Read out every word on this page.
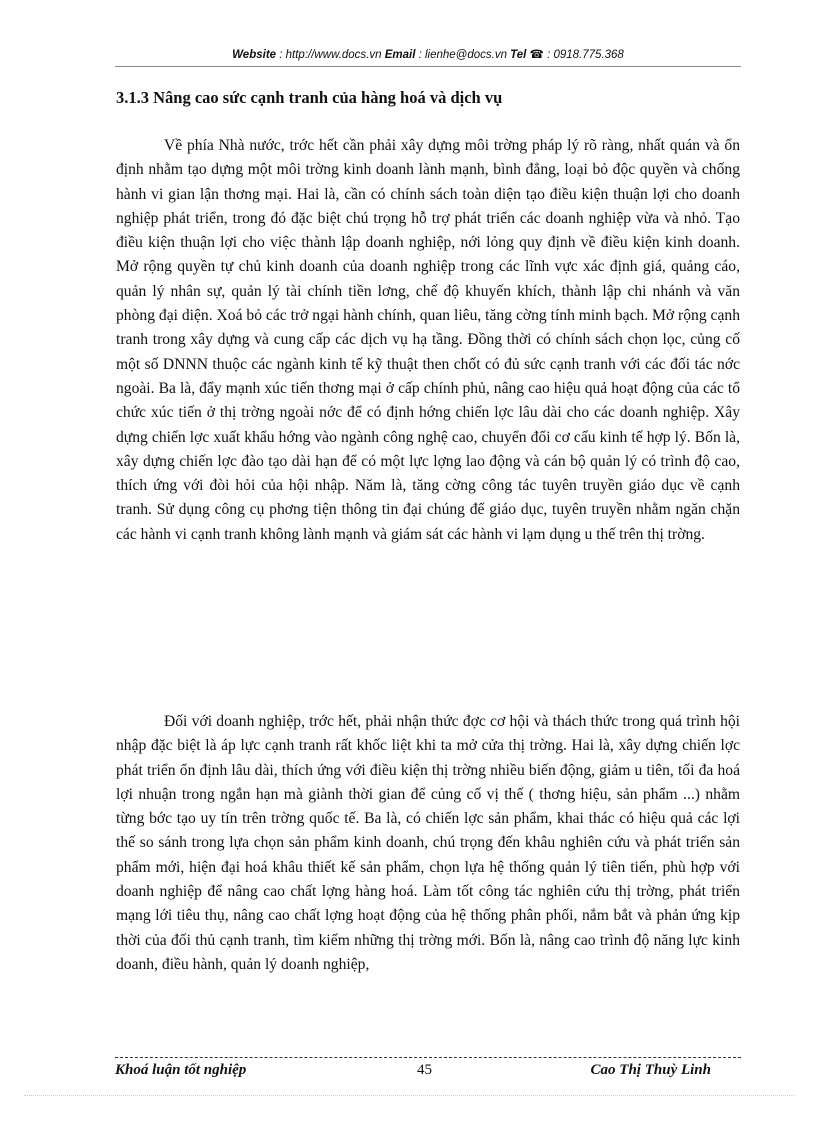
Website : http://www.docs.vn Email : lienhe@docs.vn Tel ☎ : 0918.775.368
3.1.3 Nâng cao sức cạnh tranh của hàng hoá và dịch vụ

Về phía Nhà nước, trớc hết cần phải xây dựng môi trờng pháp lý rõ ràng, nhất quán và ổn định nhằm tạo dựng một môi trờng kinh doanh lành mạnh, bình đẳng, loại bỏ độc quyền và chống hành vi gian lận thơng mại. Hai là, cần có chính sách toàn diện tạo điều kiện thuận lợi cho doanh nghiệp phát triển, trong đó đặc biệt chú trọng hỗ trợ phát triển các doanh nghiệp vừa và nhỏ. Tạo điều kiện thuận lợi cho việc thành lập doanh nghiệp, nới lỏng quy định về điều kiện kinh doanh. Mở rộng quyền tự chủ kinh doanh của doanh nghiệp trong các lĩnh vực xác định giá, quảng cáo, quản lý nhân sự, quản lý tài chính tiền lơng, chế độ khuyến khích, thành lập chi nhánh và văn phòng đại diện. Xoá bỏ các trở ngại hành chính, quan liêu, tăng cờng tính minh bạch. Mở rộng cạnh tranh trong xây dựng và cung cấp các dịch vụ hạ tầng. Đồng thời có chính sách chọn lọc, củng cố một số DNNN thuộc các ngành kinh tế kỹ thuật then chốt có đủ sức cạnh tranh với các đối tác nớc ngoài. Ba là, đẩy mạnh xúc tiến thơng mại ở cấp chính phủ, nâng cao hiệu quả hoạt động của các tổ chức xúc tiến ở thị trờng ngoài nớc để có định hớng chiến lợc lâu dài cho các doanh nghiệp. Xây dựng chiến lợc xuất khẩu hớng vào ngành công nghệ cao, chuyển đổi cơ cấu kinh tế hợp lý. Bốn là, xây dựng chiến lợc đào tạo dài hạn để có một lực lợng lao động và cán bộ quản lý có trình độ cao, thích ứng với đòi hỏi của hội nhập. Năm là, tăng cờng công tác tuyên truyền giáo dục về cạnh tranh. Sử dụng công cụ phơng tiện thông tin đại chúng để giáo dục, tuyên truyền nhằm ngăn chặn các hành vi cạnh tranh không lành mạnh và giám sát các hành vi lạm dụng u thế trên thị trờng.

Đối với doanh nghiệp, trớc hết, phải nhận thức đợc cơ hội và thách thức trong quá trình hội nhập đặc biệt là áp lực cạnh tranh rất khốc liệt khi ta mở cửa thị trờng. Hai là, xây dựng chiến lợc phát triển ổn định lâu dài, thích ứng với điều kiện thị trờng nhiều biến động, giảm u tiên, tối đa hoá lợi nhuận trong ngắn hạn mà giành thời gian để củng cố vị thế ( thơng hiệu, sản phẩm ...) nhằm từng bớc tạo uy tín trên trờng quốc tế. Ba là, có chiến lợc sản phẩm, khai thác có hiệu quả các lợi thế so sánh trong lựa chọn sản phẩm kinh doanh, chú trọng đến khâu nghiên cứu và phát triển sản phẩm mới, hiện đại hoá khâu thiết kế sản phẩm, chọn lựa hệ thống quản lý tiên tiến, phù hợp với doanh nghiệp để nâng cao chất lợng hàng hoá. Làm tốt công tác nghiên cứu thị trờng, phát triển mạng lới tiêu thụ, nâng cao chất lợng hoạt động của hệ thống phân phối, nắm bắt và phản ứng kịp thời của đối thủ cạnh tranh, tìm kiếm những thị trờng mới. Bốn là, nâng cao trình độ năng lực kinh doanh, điều hành, quản lý doanh nghiệp,

Khoá luận tốt nghiệp	45	Cao Thị Thuỳ Linh
